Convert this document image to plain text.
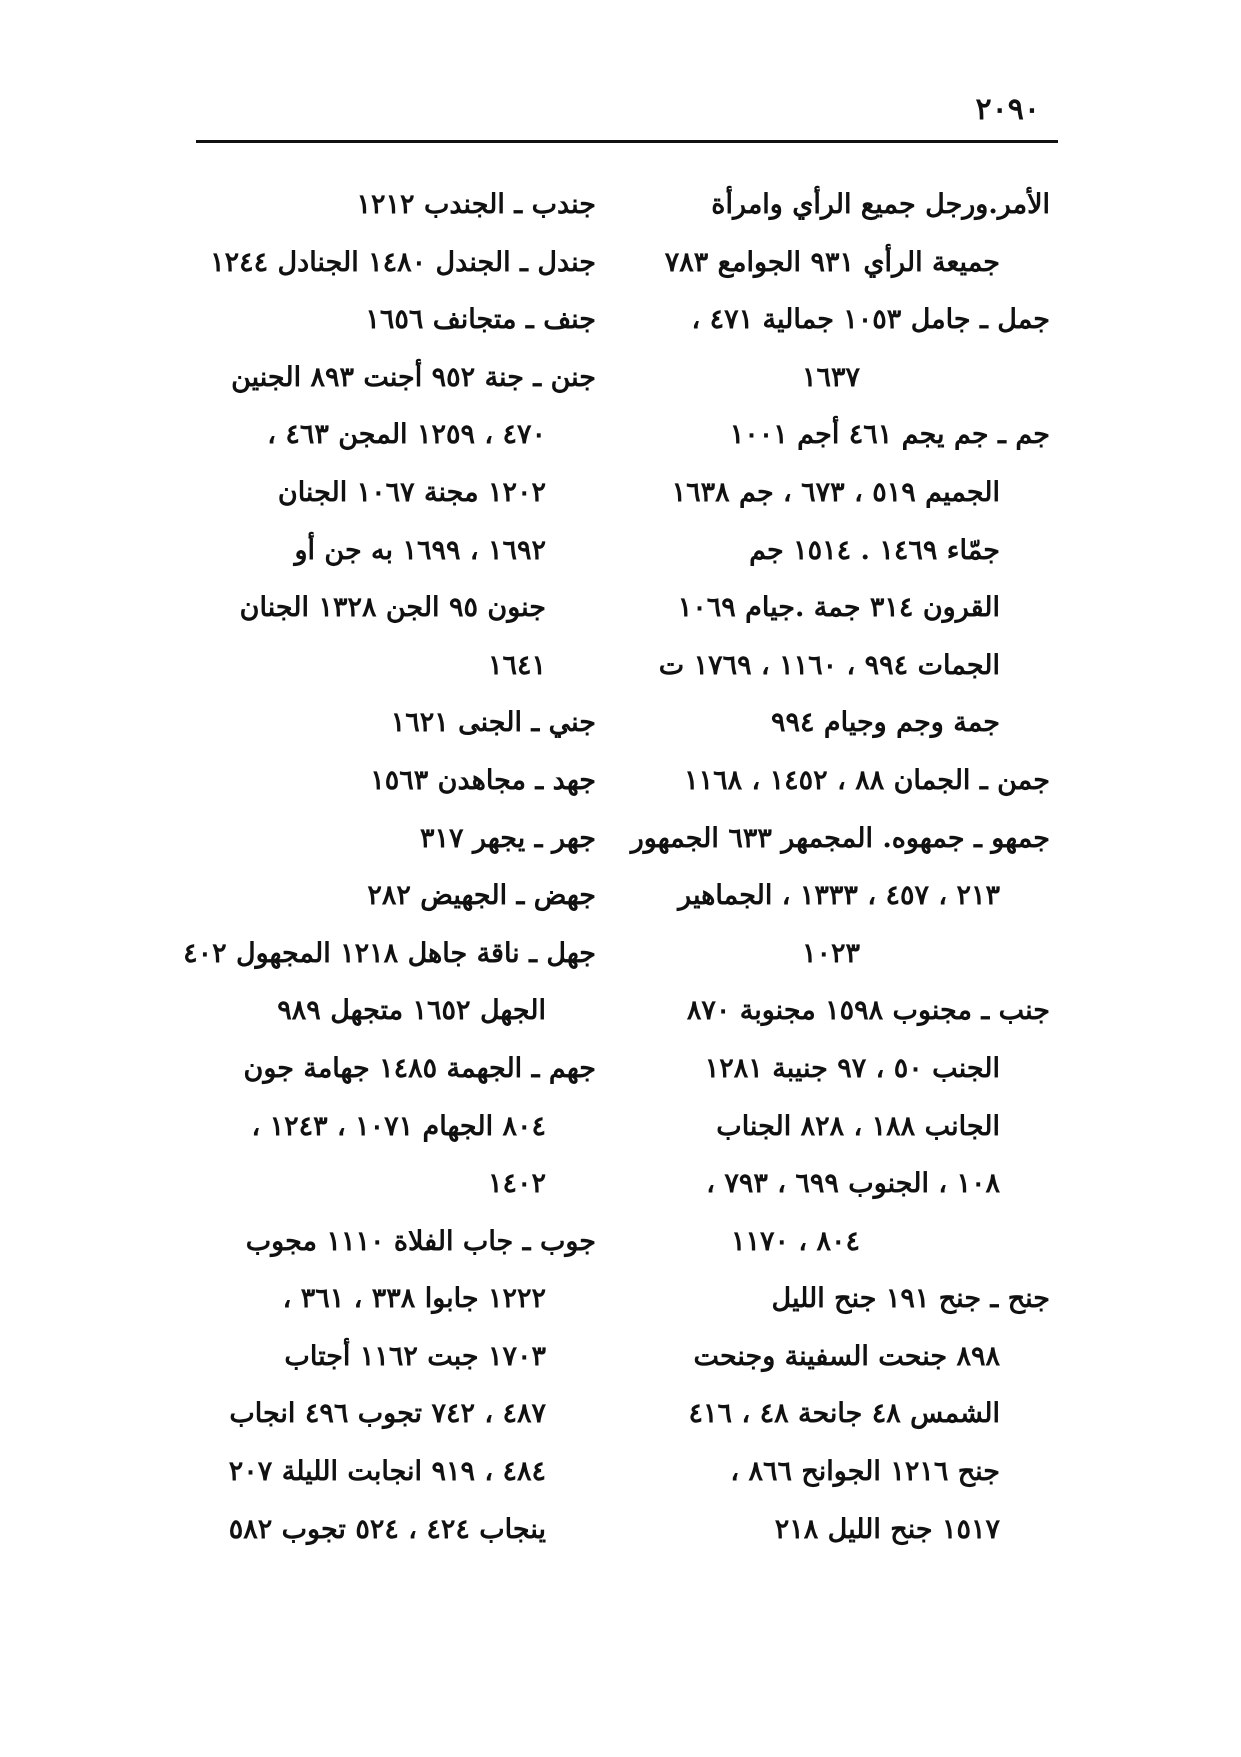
٢٠٩٠
الأمر.ورجل جميع الرأي وامرأة
جميعة الرأي ٩٣١ الجوامع ٧٨٣
جمل ـ جامل ١٠٥٣ جمالية ٤٧١ ،
١٦٣٧
جم ـ جم يجم ٤٦١ أجم ١٠٠١
الجميم ٥١٩ ، ٦٧٣ ، جم ١٦٣٨
جمّاء ١٤٦٩ . ١٥١٤ جم
القرون ٣١٤ جمة .جيام ١٠٦٩
الجمات ٩٩٤ ، ١١٦٠ ، ١٧٦٩ ت
جمة وجم وجيام ٩٩٤
جمن ـ الجمان ٨٨ ، ١٤٥٢ ، ١١٦٨
جمهو ـ جمهوه. المجمهر ٦٣٣ الجمهور
٢١٣ ، ٤٥٧ ، ١٣٣٣ ، الجماهير
١٠٢٣
جنب ـ مجنوب ١٥٩٨ مجنوبة ٨٧٠
الجنب ٥٠ ، ٩٧ جنيبة ١٢٨١
الجانب ١٨٨ ، ٨٢٨ الجناب
١٠٨ ، الجنوب ٦٩٩ ، ٧٩٣ ،
٨٠٤ ، ١١٧٠
جنح ـ جنح ١٩١ جنح الليل
٨٩٨ جنحت السفينة وجنحت
الشمس ٤٨ جانحة ٤٨ ، ٤١٦
جنح ١٢١٦ الجوانح ٨٦٦ ،
١٥١٧ جنح الليل ٢١٨
جندب ـ الجندب ١٢١٢
جندل ـ الجندل ١٤٨٠ الجنادل ١٢٤٤
جنف ـ متجانف ١٦٥٦
جنن ـ جنة ٩٥٢ أجنت ٨٩٣ الجنين
٤٧٠ ، ١٢٥٩ المجن ٤٦٣ ،
١٢٠٢ مجنة ١٠٦٧ الجنان
١٦٩٢ ، ١٦٩٩ به جن أو
جنون ٩٥ الجن ١٣٢٨ الجنان
١٦٤١
جني ـ الجنى ١٦٢١
جهد ـ مجاهدن ١٥٦٣
جهر ـ يجهر ٣١٧
جهض ـ الجهيض ٢٨٢
جهل ـ ناقة جاهل ١٢١٨ المجهول ٤٠٢
الجهل ١٦٥٢ متجهل ٩٨٩
جهم ـ الجهمة ١٤٨٥ جهامة جون
٨٠٤ الجهام ١٠٧١ ، ١٢٤٣ ،
١٤٠٢
جوب ـ جاب الفلاة ١١١٠ مجوب
١٢٢٢ جابوا ٣٣٨ ، ٣٦١ ،
١٧٠٣ جبت ١١٦٢ أجتاب
٤٨٧ ، ٧٤٢ تجوب ٤٩٦ انجاب
٤٨٤ ، ٩١٩ انجابت الليلة ٢٠٧
ينجاب ٤٢٤ ، ٥٢٤ تجوب ٥٨٢
